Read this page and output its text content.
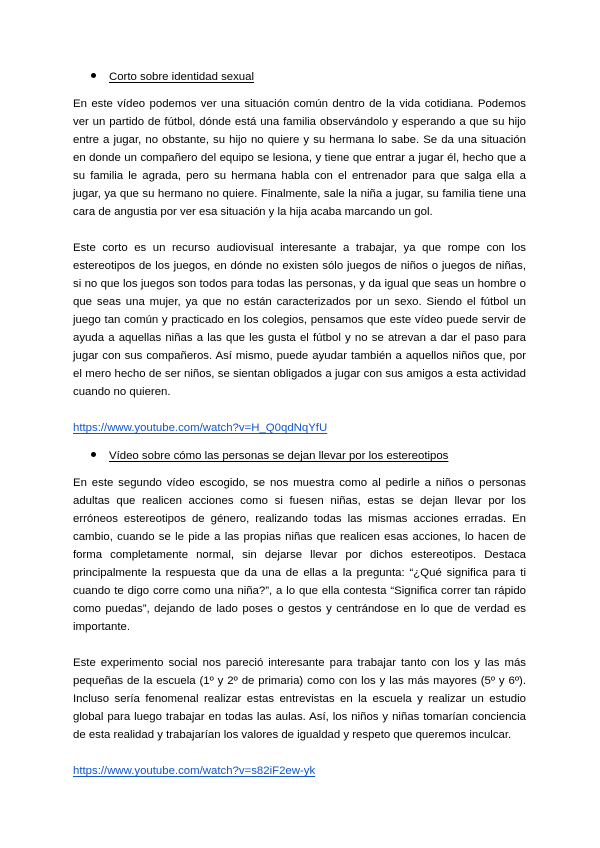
Corto sobre identidad sexual

En este vídeo podemos ver una situación común dentro de la vida cotidiana. Podemos ver un partido de fútbol, dónde está una familia observándolo y esperando a que su hijo entre a jugar, no obstante, su hijo no quiere y su hermana lo sabe. Se da una situación en donde un compañero del equipo se lesiona, y tiene que entrar a jugar él, hecho que a su familia le agrada, pero su hermana habla con el entrenador para que salga ella a jugar, ya que su hermano no quiere. Finalmente, sale la niña a jugar, su familia tiene una cara de angustia por ver esa situación y la hija acaba marcando un gol.

Este corto es un recurso audiovisual interesante a trabajar, ya que rompe con los estereotipos de los juegos, en dónde no existen sólo juegos de niños o juegos de niñas, si no que los juegos son todos para todas las personas, y da igual que seas un hombre o que seas una mujer, ya que no están caracterizados por un sexo. Siendo el fútbol un juego tan común y practicado en los colegios, pensamos que este vídeo puede servir de ayuda a aquellas niñas a las que les gusta el fútbol y no se atrevan a dar el paso para jugar con sus compañeros. Así mismo, puede ayudar también a aquellos niños que, por el mero hecho de ser niños, se sientan obligados a jugar con sus amigos a esta actividad cuando no quieren.

https://www.youtube.com/watch?v=H_Q0qdNqYfU
Vídeo sobre cómo las personas se dejan llevar por los estereotipos

En este segundo vídeo escogido, se nos muestra como al pedirle a niños o personas adultas que realicen acciones como si fuesen niñas, estas se dejan llevar por los erróneos estereotipos de género, realizando todas las mismas acciones erradas. En cambio, cuando se le pide a las propias niñas que realicen esas acciones, lo hacen de forma completamente normal, sin dejarse llevar por dichos estereotipos. Destaca principalmente la respuesta que da una de ellas a la pregunta: “¿Qué significa para ti cuando te digo corre como una niña?”, a lo que ella contesta “Significa correr tan rápido como puedas”, dejando de lado poses o gestos y centrándose en lo que de verdad es importante.

Este experimento social nos pareció interesante para trabajar tanto con los y las más pequeñas de la escuela (1º y 2º de primaria) como con los y las más mayores (5º y 6º). Incluso sería fenomenal realizar estas entrevistas en la escuela y realizar un estudio global para luego trabajar en todas las aulas. Así, los niños y niñas tomarían conciencia de esta realidad y trabajarían los valores de igualdad y respeto que queremos inculcar.

https://www.youtube.com/watch?v=s82iF2ew-yk
